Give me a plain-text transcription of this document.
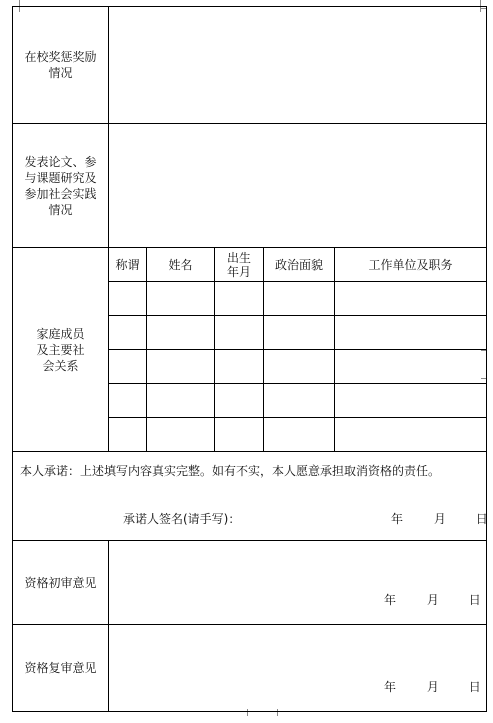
在校奖惩奖励情况					

发表论文、参与课题研究及参加社会实践情况					

家庭成员及主要社会关系	称谓	姓名	出生年月	政治面貌	工作单位及职务

本人承诺：上述填写内容真实完整。如有不实，本人愿意承担取消资格的责任。
承诺人签名(请手写)： 年 月 日					

资格初审意见	年 月 日				

资格复审意见	年 月 日				
